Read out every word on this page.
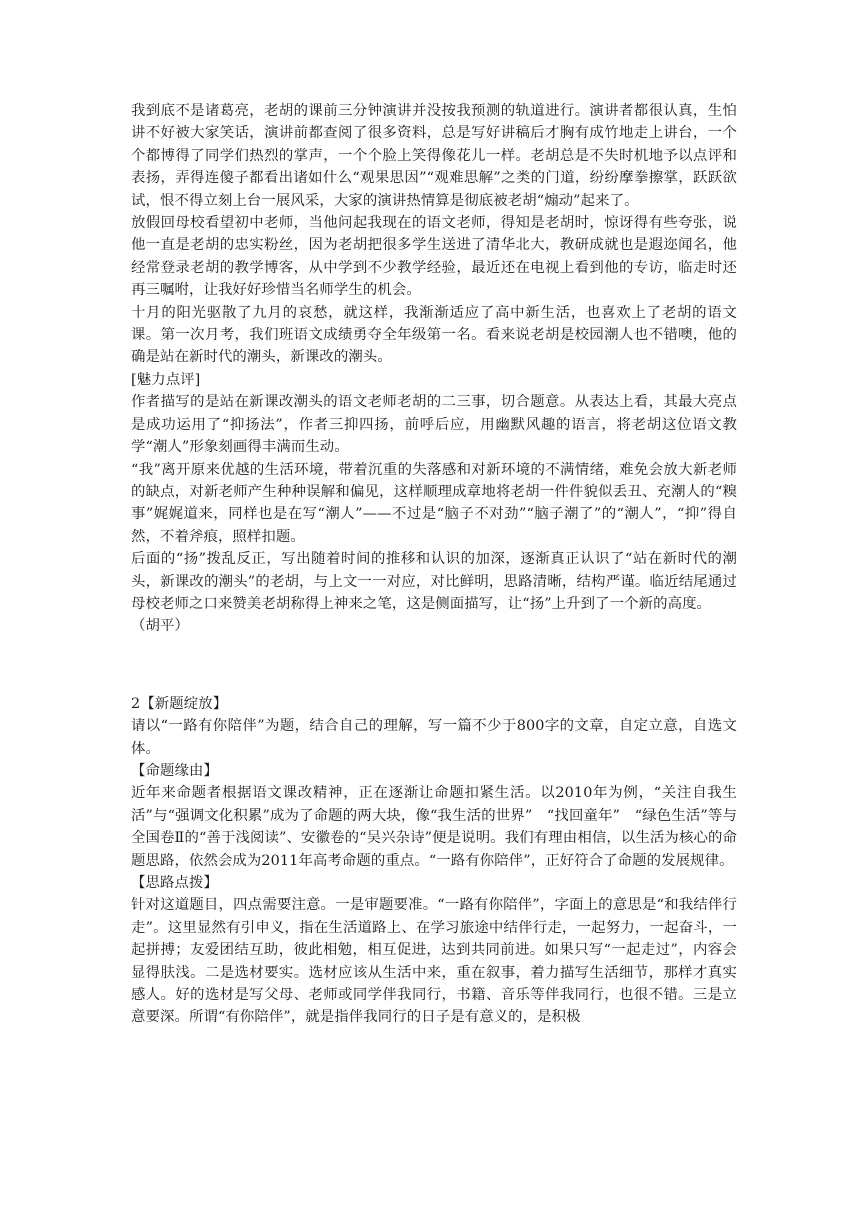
我到底不是诸葛亮，老胡的课前三分钟演讲并没按我预测的轨道进行。演讲者都很认真，生怕讲不好被大家笑话，演讲前都查阅了很多资料，总是写好讲稿后才胸有成竹地走上讲台，一个个都博得了同学们热烈的掌声，一个个脸上笑得像花儿一样。老胡总是不失时机地予以点评和表扬，弄得连傻子都看出诸如什么“观果思因”“观难思解”之类的门道，纷纷摩拳擦掌，跃跃欲试，恨不得立刻上台一展风采，大家的演讲热情算是彻底被老胡“煽动”起来了。

放假回母校看望初中老师，当他问起我现在的语文老师，得知是老胡时，惊讶得有些夸张，说他一直是老胡的忠实粉丝，因为老胡把很多学生送进了清华北大，教研成就也是遐迩闻名，他经常登录老胡的教学博客，从中学到不少教学经验，最近还在电视上看到他的专访，临走时还再三嘱咐，让我好好珍惜当名师学生的机会。

十月的阳光驱散了九月的哀愁，就这样，我渐渐适应了高中新生活，也喜欢上了老胡的语文课。第一次月考，我们班语文成绩勇夺全年级第一名。看来说老胡是校园潮人也不错噢，他的确是站在新时代的潮头，新课改的潮头。

[魅力点评]

作者描写的是站在新课改潮头的语文老师老胡的二三事，切合题意。从表达上看，其最大亮点是成功运用了“抑扬法”，作者三抑四扬，前呼后应，用幽默风趣的语言，将老胡这位语文教学“潮人”形象刻画得丰满而生动。

“我”离开原来优越的生活环境，带着沉重的失落感和对新环境的不满情绪，难免会放大新老师的缺点，对新老师产生种种误解和偏见，这样顺理成章地将老胡一件件貌似丢丑、充潮人的“糗事”娓娓道来，同样也是在写“潮人”——不过是“脑子不对劲”“脑子潮了”的“潮人”，“抑”得自然，不着斧痕，照样扣题。

后面的“扬”拨乱反正，写出随着时间的推移和认识的加深，逐渐真正认识了“站在新时代的潮头，新课改的潮头”的老胡，与上文一一对应，对比鲜明，思路清晰，结构严谨。临近结尾通过母校老师之口来赞美老胡称得上神来之笔，这是侧面描写，让“扬”上升到了一个新的高度。

（胡平）

2【新题绽放】

请以“一路有你陪伴”为题，结合自己的理解，写一篇不少于800字的文章，自定立意，自选文体。

【命题缘由】

近年来命题者根据语文课改精神，正在逐渐让命题扣紧生活。以2010年为例，“关注自我生活”与“强调文化积累”成为了命题的两大块，像“我生活的世界”　“找回童年”　“绿色生活”等与全国卷Ⅱ的“善于浅阅读”、安徽卷的“吴兴杂诗”便是说明。我们有理由相信，以生活为核心的命题思路，依然会成为2011年高考命题的重点。“一路有你陪伴”，正好符合了命题的发展规律。

【思路点拨】

针对这道题目，四点需要注意。一是审题要准。“一路有你陪伴”，字面上的意思是“和我结伴行走”。这里显然有引申义，指在生活道路上、在学习旅途中结伴行走，一起努力，一起奋斗，一起拼搏；友爱团结互助，彼此相勉，相互促进，达到共同前进。如果只写“一起走过”，内容会显得肤浅。二是选材要实。选材应该从生活中来，重在叙事，着力描写生活细节，那样才真实感人。好的选材是写父母、老师或同学伴我同行，书籍、音乐等伴我同行，也很不错。三是立意要深。所谓“有你陪伴”，就是指伴我同行的日子是有意义的，是积极
